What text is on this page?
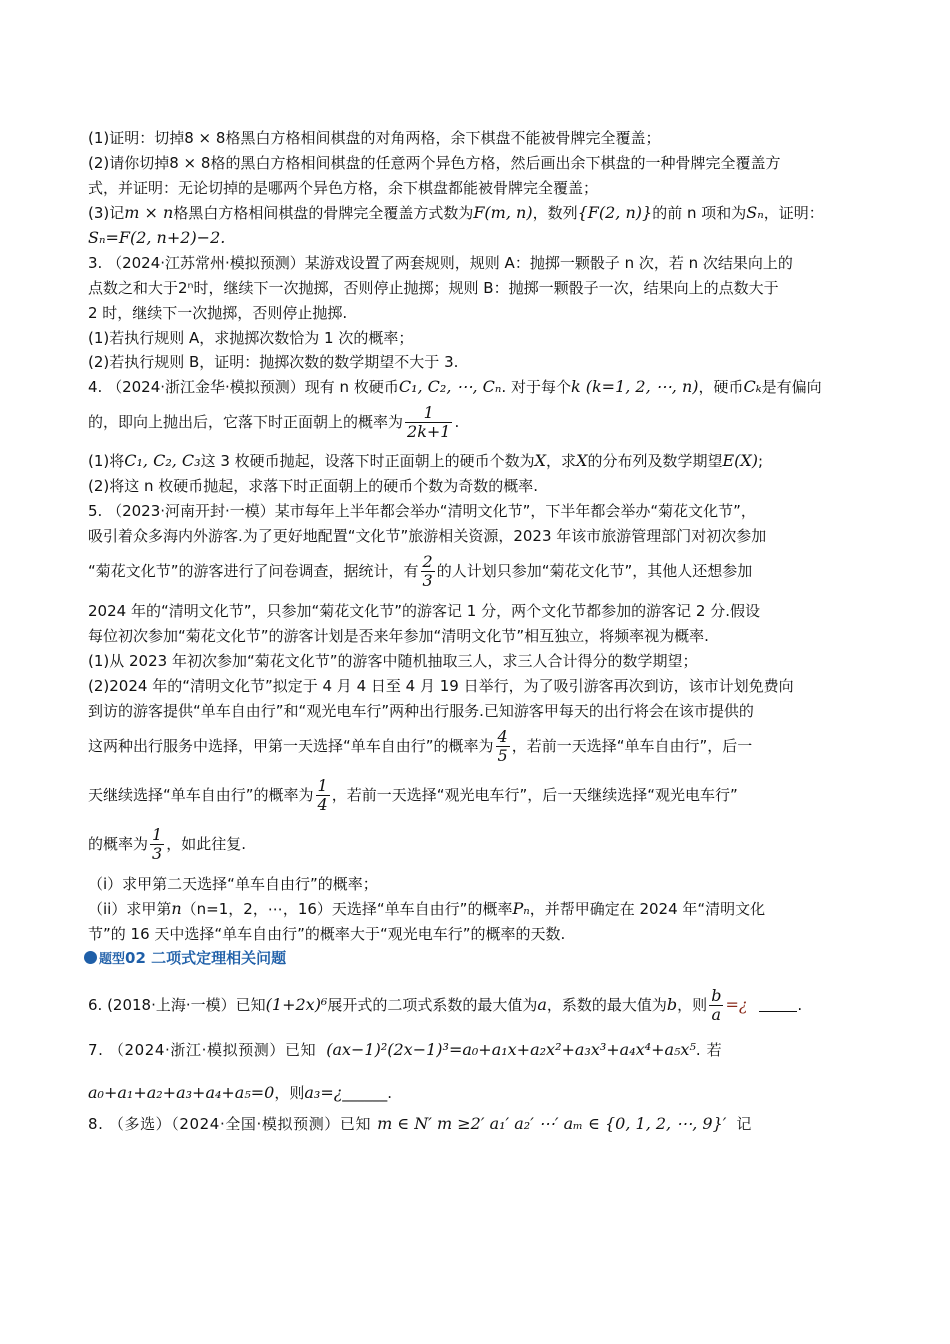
(1)证明：切掉8 × 8格黑白方格相间棋盘的对角两格，余下棋盘不能被骨牌完全覆盖；
(2)请你切掉8 × 8格的黑白方格相间棋盘的任意两个异色方格，然后画出余下棋盘的一种骨牌完全覆盖方
式，并证明：无论切掉的是哪两个异色方格，余下棋盘都能被骨牌完全覆盖；
(3)记m × n格黑白方格相间棋盘的骨牌完全覆盖方式数为F(m, n)，数列{F(2, n)}的前 n 项和为Sₙ，证明：
Sₙ=F(2, n+2)−2.
3. （2024·江苏常州·模拟预测）某游戏设置了两套规则，规则 A：抛掷一颗骰子 n 次，若 n 次结果向上的
点数之和大于2ⁿ时，继续下一次抛掷，否则停止抛掷；规则 B：抛掷一颗骰子一次，结果向上的点数大于
2 时，继续下一次抛掷，否则停止抛掷.
(1)若执行规则 A，求抛掷次数恰为 1 次的概率；
(2)若执行规则 B，证明：抛掷次数的数学期望不大于 3.
4. （2024·浙江金华·模拟预测）现有 n 枚硬币C₁, C₂, ⋯, Cₙ. 对于每个k (k=1, 2, ⋯, n)，硬币Cₖ是有偏向
的，即向上抛出后，它落下时正面朝上的概率为 $\frac{1}{2k+1}$ .
(1)将C₁, C₂, C₃这 3 枚硬币抛起，设落下时正面朝上的硬币个数为X，求X的分布列及数学期望E(X);
(2)将这 n 枚硬币抛起，求落下时正面朝上的硬币个数为奇数的概率.
5. （2023·河南开封·一模）某市每年上半年都会举办“清明文化节”，下半年都会举办“菊花文化节”，
吸引着众多海内外游客.为了更好地配置“文化节”旅游相关资源，2023 年该市旅游管理部门对初次参加
“菊花文化节”的游客进行了问卷调查，据统计，有 $\frac{2}{3}$ 的人计划只参加“菊花文化节”，其他人还想参加
2024 年的“清明文化节”，只参加“菊花文化节”的游客记 1 分，两个文化节都参加的游客记 2 分.假设
每位初次参加“菊花文化节”的游客计划是否来年参加“清明文化节”相互独立，将频率视为概率.
(1)从 2023 年初次参加“菊花文化节”的游客中随机抽取三人，求三人合计得分的数学期望；
(2)2024 年的“清明文化节”拟定于 4 月 4 日至 4 月 19 日举行，为了吸引游客再次到访，该市计划免费向
到访的游客提供“单车自由行”和“观光电车行”两种出行服务.已知游客甲每天的出行将会在该市提供的
这两种出行服务中选择，甲第一天选择“单车自由行”的概率为 $\frac{4}{5}$ ，若前一天选择“单车自由行”，后一
天继续选择“单车自由行”的概率为 $\frac{1}{4}$ ，若前一天选择“观光电车行”，后一天继续选择“观光电车行”
的概率为 $\frac{1}{3}$ ，如此往复.
（i）求甲第二天选择“单车自由行”的概率；
（ii）求甲第n（n=1，2，⋯，16）天选择“单车自由行”的概率Pₙ，并帮甲确定在 2024 年“清明文化
节”的 16 天中选择“单车自由行”的概率大于“观光电车行”的概率的天数.
题型02 二项式定理相关问题
6. (2018·上海·一模）已知(1+2x)⁶展开式的二项式系数的最大值为a，系数的最大值为b，则 $\frac{b}{a}$ =¿	.
7. （2024·浙江·模拟预测）已知 (ax−1)²(2x−1)³=a₀+a₁x+a₂x²+a₃x³+a₄x⁴+a₅x⁵. 若
a₀+a₁+a₂+a₃+a₄+a₅=0，则a₃=¿______.
8. （多选）（2024·全国·模拟预测）已知 m ∈ N′ m ≥2′ a₁′ a₂′ ⋯′ aₘ ∈ {0, 1, 2, ⋯, 9}′ 记
